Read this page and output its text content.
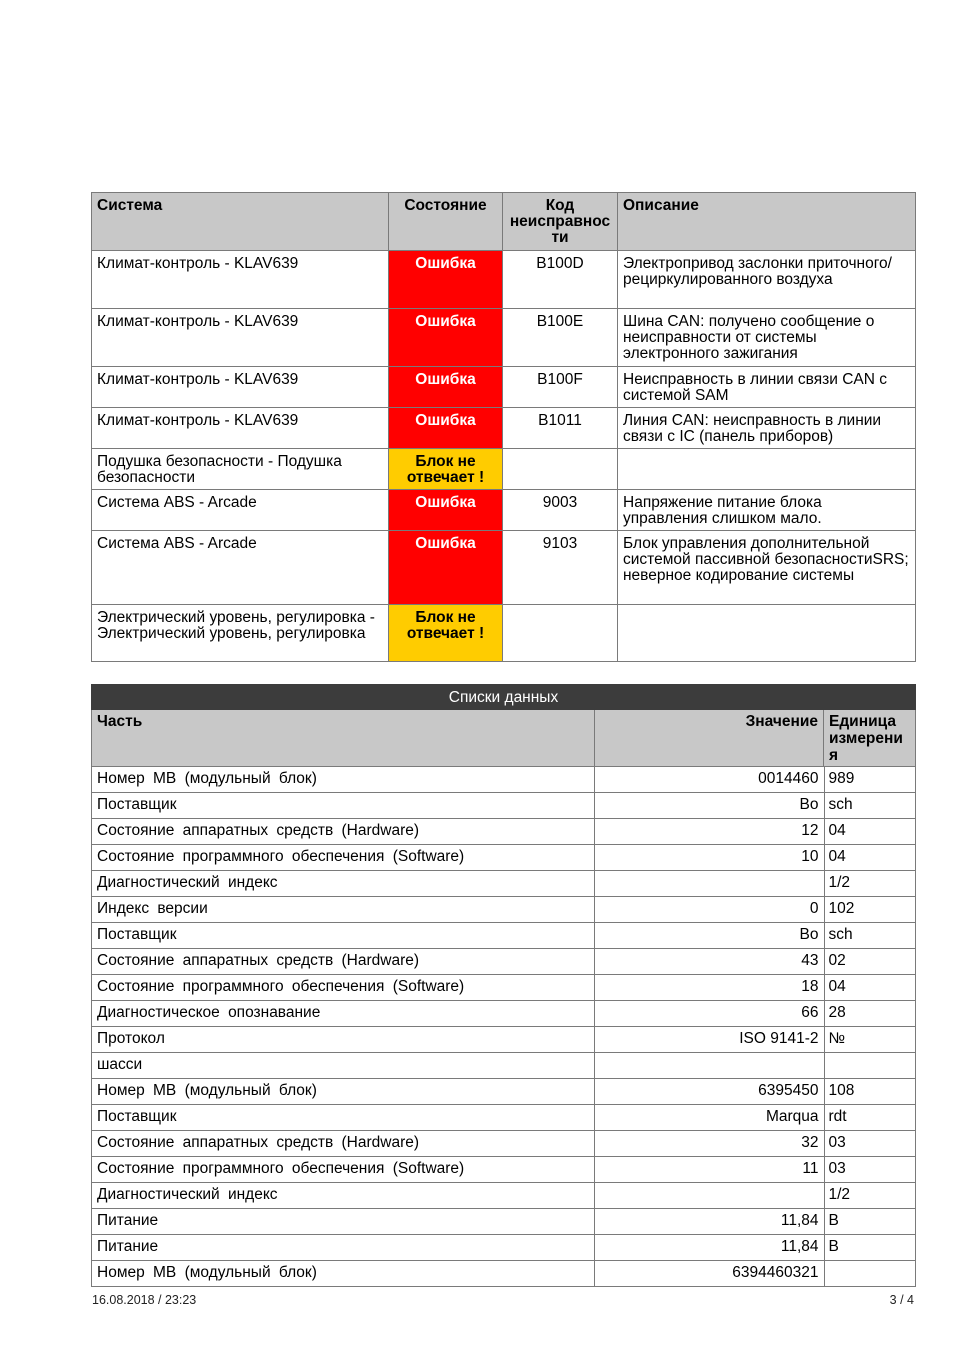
Система	Состояние	Код неисправнос ти	Описание
Климат-контроль - KLAV639	Ошибка	B100D	Электропривод заслонки приточного/рециркулированного воздуха
Климат-контроль - KLAV639	Ошибка	B100E	Шина CAN: получено сообщение о неисправности от системы электронного зажигания
Климат-контроль - KLAV639	Ошибка	B100F	Неисправность в линии связи CAN с системой SAM
Климат-контроль - KLAV639	Ошибка	B1011	Линия CAN: неисправность в линии связи с IC (панель приборов)
Подушка безопасности - Подушка безопасности	Блок не отвечает !		
Система ABS - Arcade	Ошибка	9003	Напряжение питание блока управления слишком мало.
Система ABS - Arcade	Ошибка	9103	Блок управления дополнительной системой пассивной безопасностиSRS; неверное кодирование системы
Электрический уровень, регулировка - Электрический уровень, регулировка	Блок не отвечает !		
Списки данных		
Часть	Значение	Единица измерени я
Номер MB (модульный блок)	0014460	989
Поставщик	Bo	sch
Состояние аппаратных средств (Hardware)	12	04
Состояние программного обеспечения (Software)	10	04
Диагностический индекс		1/2
Индекс версии	0	102
Поставщик	Bo	sch
Состояние аппаратных средств (Hardware)	43	02
Состояние программного обеспечения (Software)	18	04
Диагностическое опознавание	66	28
Протокол	ISO 9141-2	№
шасси		
Номер MB (модульный блок)	6395450	108
Поставщик	Marqua	rdt
Состояние аппаратных средств (Hardware)	32	03
Состояние программного обеспечения (Software)	11	03
Диагностический индекс		1/2
Питание	11,84	B
Питание	11,84	B
Номер MB (модульный блок)	6394460321	
16.08.2018 / 23:23	3 / 4
